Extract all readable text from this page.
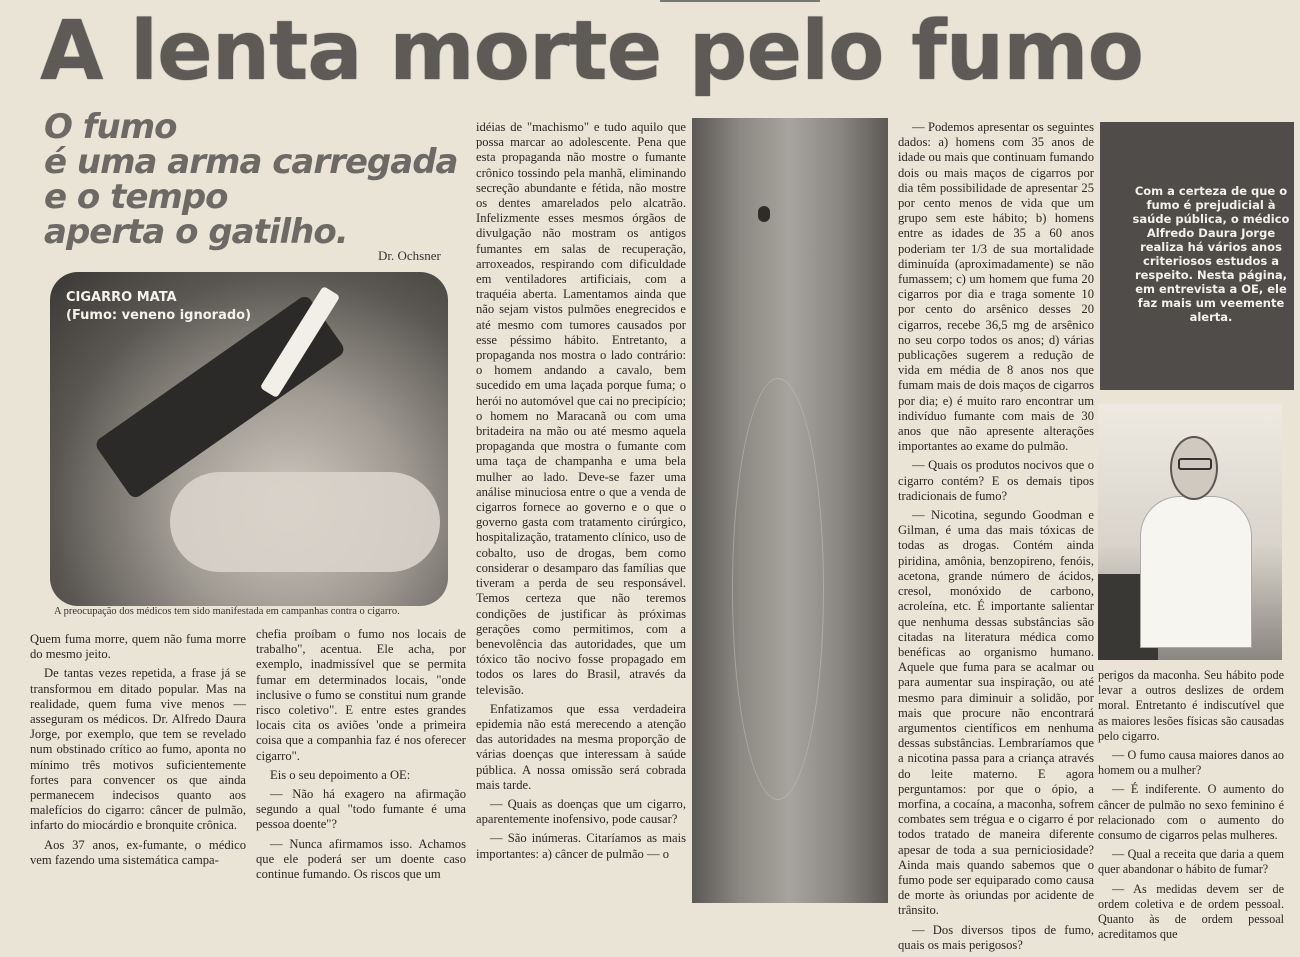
A lenta morte pelo fumo
O fumo
é uma arma carregada
e o tempo
aperta o gatilho.
Dr. Ochsner
CIGARRO MATA
(Fumo: veneno ignorado)
A preocupação dos médicos tem sido manifestada em campanhas contra o cigarro.

Quem fuma morre, quem não fuma morre do mesmo jeito.

De tantas vezes repetida, a frase já se transformou em ditado popular. Mas na realidade, quem fuma vive menos — asseguram os médicos. Dr. Alfredo Daura Jorge, por exemplo, que tem se revelado num obstinado crítico ao fumo, aponta no mínimo três motivos suficientemente fortes para convencer os que ainda permanecem indecisos quanto aos malefícios do cigarro: câncer de pulmão, infarto do miocárdio e bronquite crônica.

Aos 37 anos, ex-fumante, o médico vem fazendo uma sistemática campa-

chefia proíbam o fumo nos locais de trabalho", acentua. Ele acha, por exemplo, inadmissível que se permita fumar em determinados locais, "onde inclusive o fumo se constitui num grande risco coletivo". E entre estes grandes locais cita os aviões 'onde a primeira coisa que a companhia faz é nos oferecer cigarro".

Eis o seu depoimento a OE:

— Não há exagero na afirmação segundo a qual "todo fumante é uma pessoa doente"?

— Nunca afirmamos isso. Achamos que ele poderá ser um doente caso continue fumando. Os riscos que um

idéias de "machismo" e tudo aquilo que possa marcar ao adolescente. Pena que esta propaganda não mostre o fumante crônico tossindo pela manhã, eliminando secreção abundante e fétida, não mostre os dentes amarelados pelo alcatrão. Infelizmente esses mesmos órgãos de divulgação não mostram os antigos fumantes em salas de recuperação, arroxeados, respirando com dificuldade em ventiladores artificiais, com a traquéia aberta. Lamentamos ainda que não sejam vistos pulmões enegrecidos e até mesmo com tumores causados por esse péssimo hábito. Entretanto, a propaganda nos mostra o lado contrário: o homem andando a cavalo, bem sucedido em uma laçada porque fuma; o herói no automóvel que cai no precipício; o homem no Maracanã ou com uma britadeira na mão ou até mesmo aquela propaganda que mostra o fumante com uma taça de champanha e uma bela mulher ao lado. Deve-se fazer uma análise minuciosa entre o que a venda de cigarros fornece ao governo e o que o governo gasta com tratamento cirúrgico, hospitalização, tratamento clínico, uso de cobalto, uso de drogas, bem como considerar o desamparo das famílias que tiveram a perda de seu responsável. Temos certeza que não teremos condições de justificar às próximas gerações como permitimos, com a benevolência das autoridades, que um tóxico tão nocivo fosse propagado em todos os lares do Brasil, através da televisão.

Enfatizamos que essa verdadeira epidemia não está merecendo a atenção das autoridades na mesma proporção de várias doenças que interessam à saúde pública. A nossa omissão será cobrada mais tarde.

— Quais as doenças que um cigarro, aparentemente inofensivo, pode causar?

— São inúmeras. Citaríamos as mais importantes: a) câncer de pulmão — o

— Podemos apresentar os seguintes dados: a) homens com 35 anos de idade ou mais que continuam fumando dois ou mais maços de cigarros por dia têm possibilidade de apresentar 25 por cento menos de vida que um grupo sem este hábito; b) homens entre as idades de 35 a 60 anos poderiam ter 1/3 de sua mortalidade diminuída (aproximadamente) se não fumassem; c) um homem que fuma 20 cigarros por dia e traga somente 10 por cento do arsênico desses 20 cigarros, recebe 36,5 mg de arsênico no seu corpo todos os anos; d) várias publicações sugerem a redução de vida em média de 8 anos nos que fumam mais de dois maços de cigarros por dia; e) é muito raro encontrar um indivíduo fumante com mais de 30 anos que não apresente alterações importantes ao exame do pulmão.

— Quais os produtos nocivos que o cigarro contém? E os demais tipos tradicionais de fumo?

— Nicotina, segundo Goodman e Gilman, é uma das mais tóxicas de todas as drogas. Contém ainda piridina, amônia, benzopireno, fenóis, acetona, grande número de ácidos, cresol, monóxido de carbono, acroleína, etc. É importante salientar que nenhuma dessas substâncias são citadas na literatura médica como benéficas ao organismo humano. Aquele que fuma para se acalmar ou para aumentar sua inspiração, ou até mesmo para diminuir a solidão, por mais que procure não encontrará argumentos científicos em nenhuma dessas substâncias. Lembraríamos que a nicotina passa para a criança através do leite materno. E agora perguntamos: por que o ópio, a morfina, a cocaína, a maconha, sofrem combates sem trégua e o cigarro é por todos tratado de maneira diferente apesar de toda a sua perniciosidade? Ainda mais quando sabemos que o fumo pode ser equiparado como causa de morte às oriundas por acidente de trânsito.

— Dos diversos tipos de fumo, quais os mais perigosos?

Com a certeza de que o fumo é prejudicial à saúde pública, o médico Alfredo Daura Jorge realiza há vários anos criteriosos estudos a respeito. Nesta página, em entrevista a OE, ele faz mais um veemente alerta.

perigos da maconha. Seu hábito pode levar a outros deslizes de ordem moral. Entretanto é indiscutível que as maiores lesões físicas são causadas pelo cigarro.

— O fumo causa maiores danos ao homem ou a mulher?

— É indiferente. O aumento do câncer de pulmão no sexo feminino é relacionado com o aumento do consumo de cigarros pelas mulheres.

— Qual a receita que daria a quem quer abandonar o hábito de fumar?

— As medidas devem ser de ordem coletiva e de ordem pessoal. Quanto às de ordem pessoal acreditamos que
